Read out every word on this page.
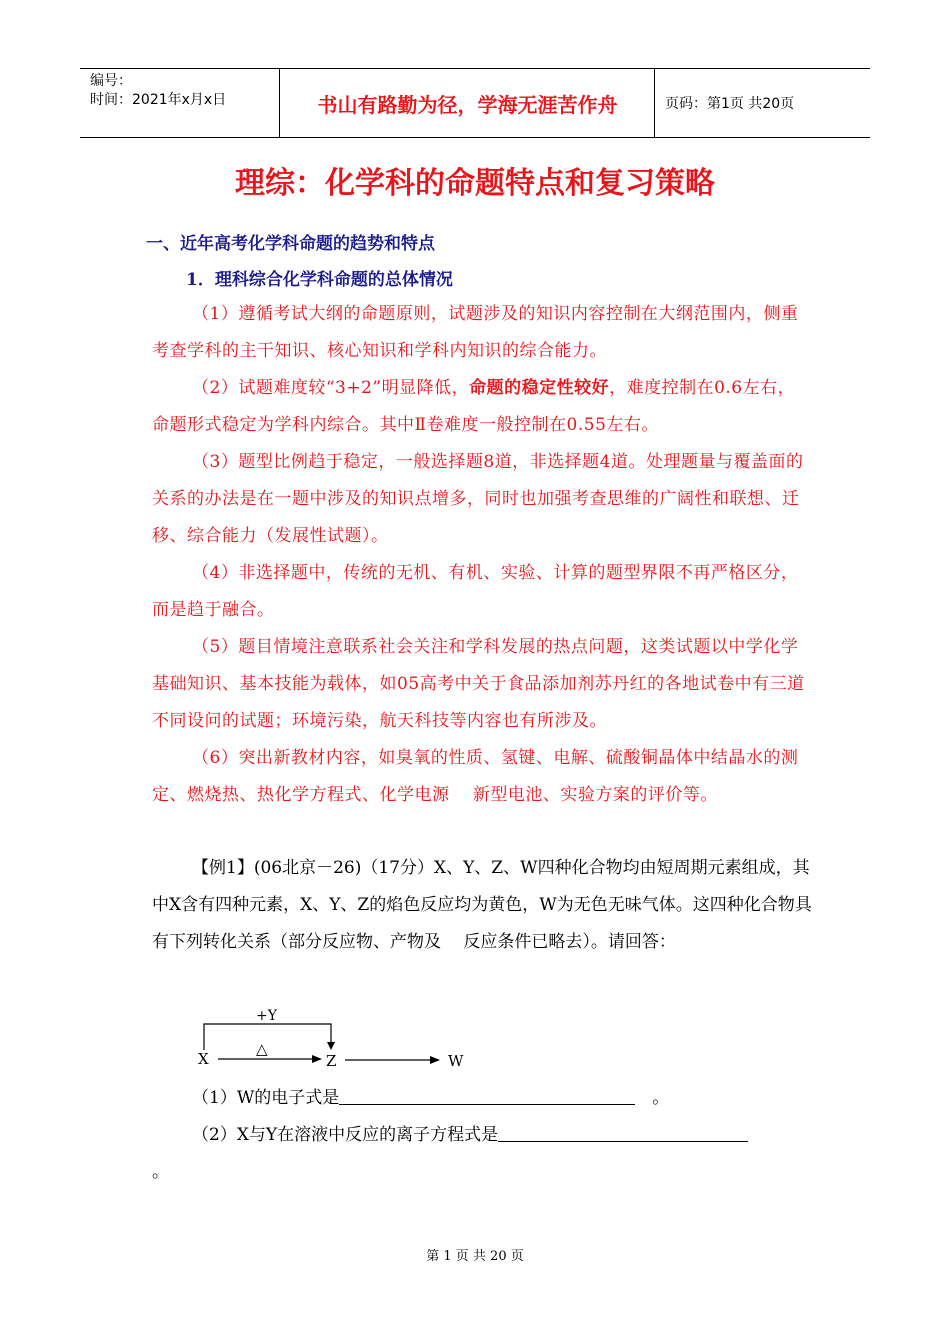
编号：
时间：2021年x月x日	书山有路勤为径，学海无涯苦作舟	页码：第1页 共20页
理综：化学科的命题特点和复习策略
一、近年高考化学科命题的趋势和特点
1．理科综合化学科命题的总体情况
（1）遵循考试大纲的命题原则，试题涉及的知识内容控制在大纲范围内，侧重考查学科的主干知识、核心知识和学科内知识的综合能力。
（2）试题难度较“3+2”明显降低，命题的稳定性较好，难度控制在0.6左右，命题形式稳定为学科内综合。其中Ⅱ卷难度一般控制在0.55左右。
（3）题型比例趋于稳定，一般选择题8道，非选择题4道。处理题量与覆盖面的关系的办法是在一题中涉及的知识点增多，同时也加强考查思维的广阔性和联想、迁移、综合能力（发展性试题）。
（4）非选择题中，传统的无机、有机、实验、计算的题型界限不再严格区分，而是趋于融合。
（5）题目情境注意联系社会关注和学科发展的热点问题，这类试题以中学化学基础知识、基本技能为载体，如05高考中关于食品添加剂苏丹红的各地试卷中有三道不同设问的试题；环境污染，航天科技等内容也有所涉及。
（6）突出新教材内容，如臭氧的性质、氢键、电解、硫酸铜晶体中结晶水的测定、燃烧热、热化学方程式、化学电源　 新型电池、实验方案的评价等。
【例1】(06北京－26)（17分）X、Y、Z、W四种化合物均由短周期元素组成，其中X含有四种元素，X、Y、Z的焰色反应均为黄色，W为无色无味气体。这四种化合物具有下列转化关系（部分反应物、产物及　 反应条件已略去）。请回答：
+Y
X
△
Z	W
（1）W的电子式是	　。
（2）X与Y在溶液中反应的离子方程式是
。
第 1 页 共 20 页
